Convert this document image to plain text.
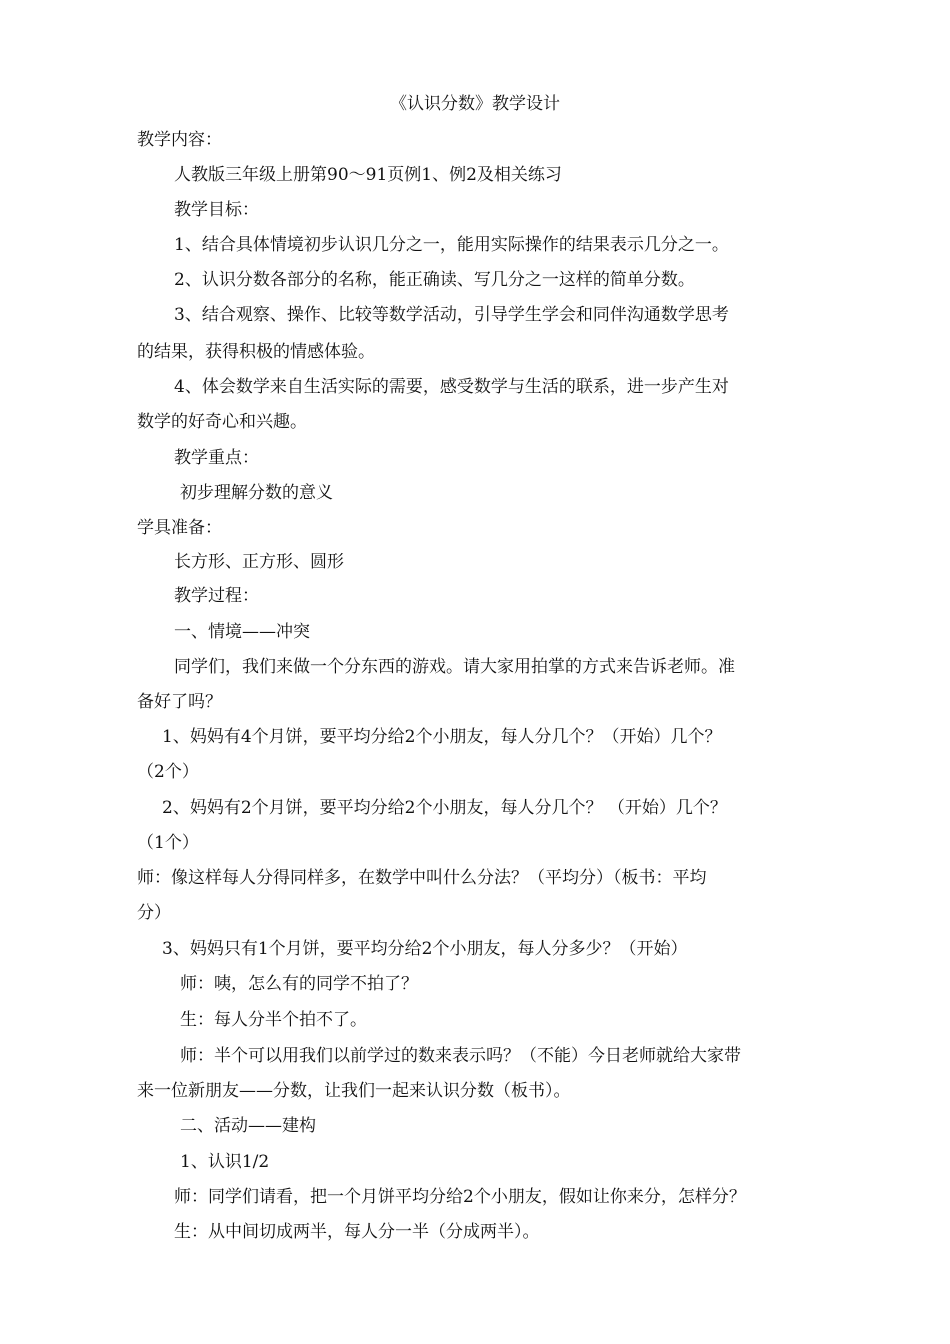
《认识分数》教学设计
教学内容：
人教版三年级上册第90～91页例1、例2及相关练习
教学目标：
1、结合具体情境初步认识几分之一，能用实际操作的结果表示几分之一。
2、认识分数各部分的名称，能正确读、写几分之一这样的简单分数。
3、结合观察、操作、比较等数学活动，引导学生学会和同伴沟通数学思考
的结果，获得积极的情感体验。
4、体会数学来自生活实际的需要，感受数学与生活的联系，进一步产生对
数学的好奇心和兴趣。
教学重点：
初步理解分数的意义
学具准备：
长方形、正方形、圆形
教学过程：
一、情境——冲突
同学们，我们来做一个分东西的游戏。请大家用拍掌的方式来告诉老师。准
备好了吗？
1、妈妈有4个月饼，要平均分给2个小朋友，每人分几个？（开始）几个？
（2个）
2、妈妈有2个月饼，要平均分给2个小朋友，每人分几个？ （开始）几个？
（1个）
师：像这样每人分得同样多，在数学中叫什么分法？（平均分）（板书：平均
分）
3、妈妈只有1个月饼，要平均分给2个小朋友，每人分多少？（开始）
师：咦，怎么有的同学不拍了？
生：每人分半个拍不了。
师：半个可以用我们以前学过的数来表示吗？（不能）今日老师就给大家带
来一位新朋友——分数，让我们一起来认识分数（板书）。
二、活动——建构
1、认识1/2
师：同学们请看，把一个月饼平均分给2个小朋友，假如让你来分，怎样分？
生：从中间切成两半，每人分一半（分成两半）。
